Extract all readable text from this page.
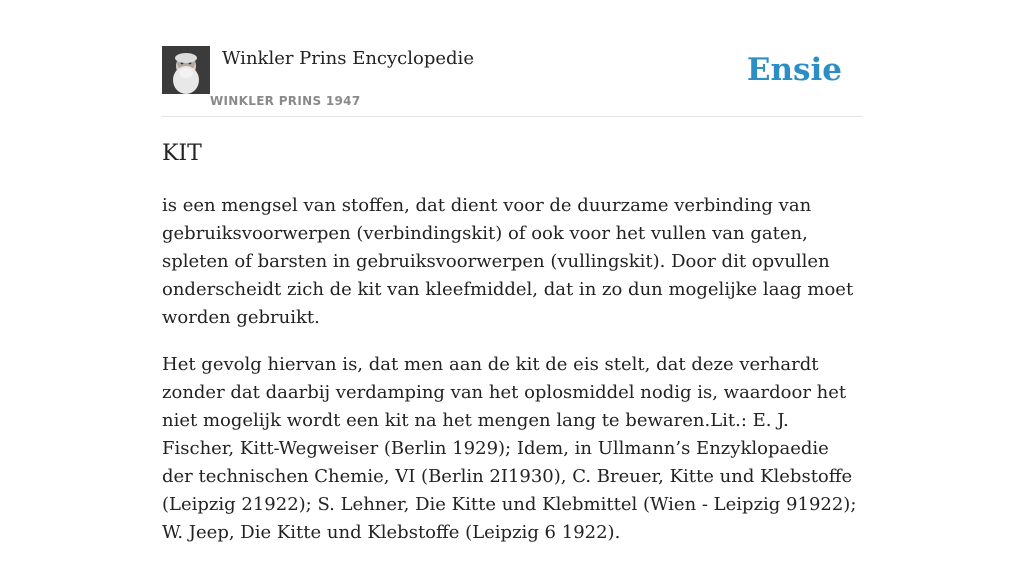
Winkler Prins Encyclopedie
WINKLER PRINS 1947
Ensie
KIT

is een mengsel van stoffen, dat dient voor de duurzame verbinding van gebruiksvoorwerpen (verbindingskit) of ook voor het vullen van gaten, spleten of barsten in gebruiksvoorwerpen (vullingskit). Door dit opvullen onderscheidt zich de kit van kleefmiddel, dat in zo dun mogelijke laag moet worden gebruikt.

Het gevolg hiervan is, dat men aan de kit de eis stelt, dat deze verhardt zonder dat daarbij verdamping van het oplosmiddel nodig is, waardoor het niet mogelijk wordt een kit na het mengen lang te bewaren.Lit.: E. J. Fischer, Kitt-Wegweiser (Berlin 1929); Idem, in Ullmann’s Enzyklopaedie der technischen Chemie, VI (Berlin 2I1930), C. Breuer, Kitte und Klebstoffe (Leipzig 21922); S. Lehner, Die Kitte und Klebmittel (Wien - Leipzig 91922); W. Jeep, Die Kitte und Klebstoffe (Leipzig 6 1922).
